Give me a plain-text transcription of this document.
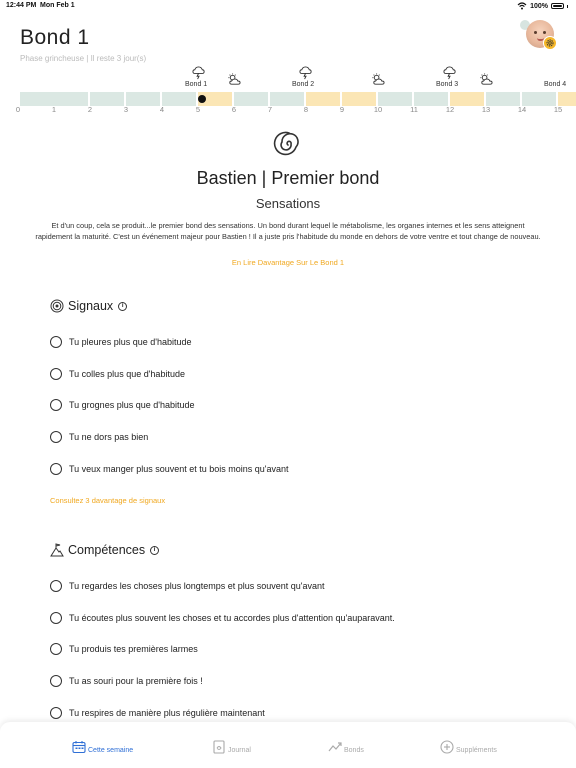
12:44 PM Mon Feb 1	100%
Bond 1
Phase grincheuse | Il reste 3 jour(s)
0	1	2	3	4	5	6	7	8	9	10	11	12	13	14	15
Bond 1	Bond 2	Bond 3	Bond 4
Bastien | Premier bond
Sensations
Et d'un coup, cela se produit...le premier bond des sensations. Un bond durant lequel le métabolisme, les organes internes et les sens atteignent rapidement la maturité. C'est un événement majeur pour Bastien ! Il a juste pris l'habitude du monde en dehors de votre ventre et tout change de nouveau.
En Lire Davantage Sur Le Bond 1
Signaux	i
Tu pleures plus que d'habitude
Tu colles plus que d'habitude
Tu grognes plus que d'habitude
Tu ne dors pas bien
Tu veux manger plus souvent et tu bois moins qu'avant
Consultez 3 davantage de signaux
Compétences	i
Tu regardes les choses plus longtemps et plus souvent qu'avant
Tu écoutes plus souvent les choses et tu accordes plus d'attention qu'auparavant.
Tu produis tes premières larmes
Tu as souri pour la première fois !
Tu respires de manière plus régulière maintenant
Cette semaine	Journal	Bonds	Suppléments
